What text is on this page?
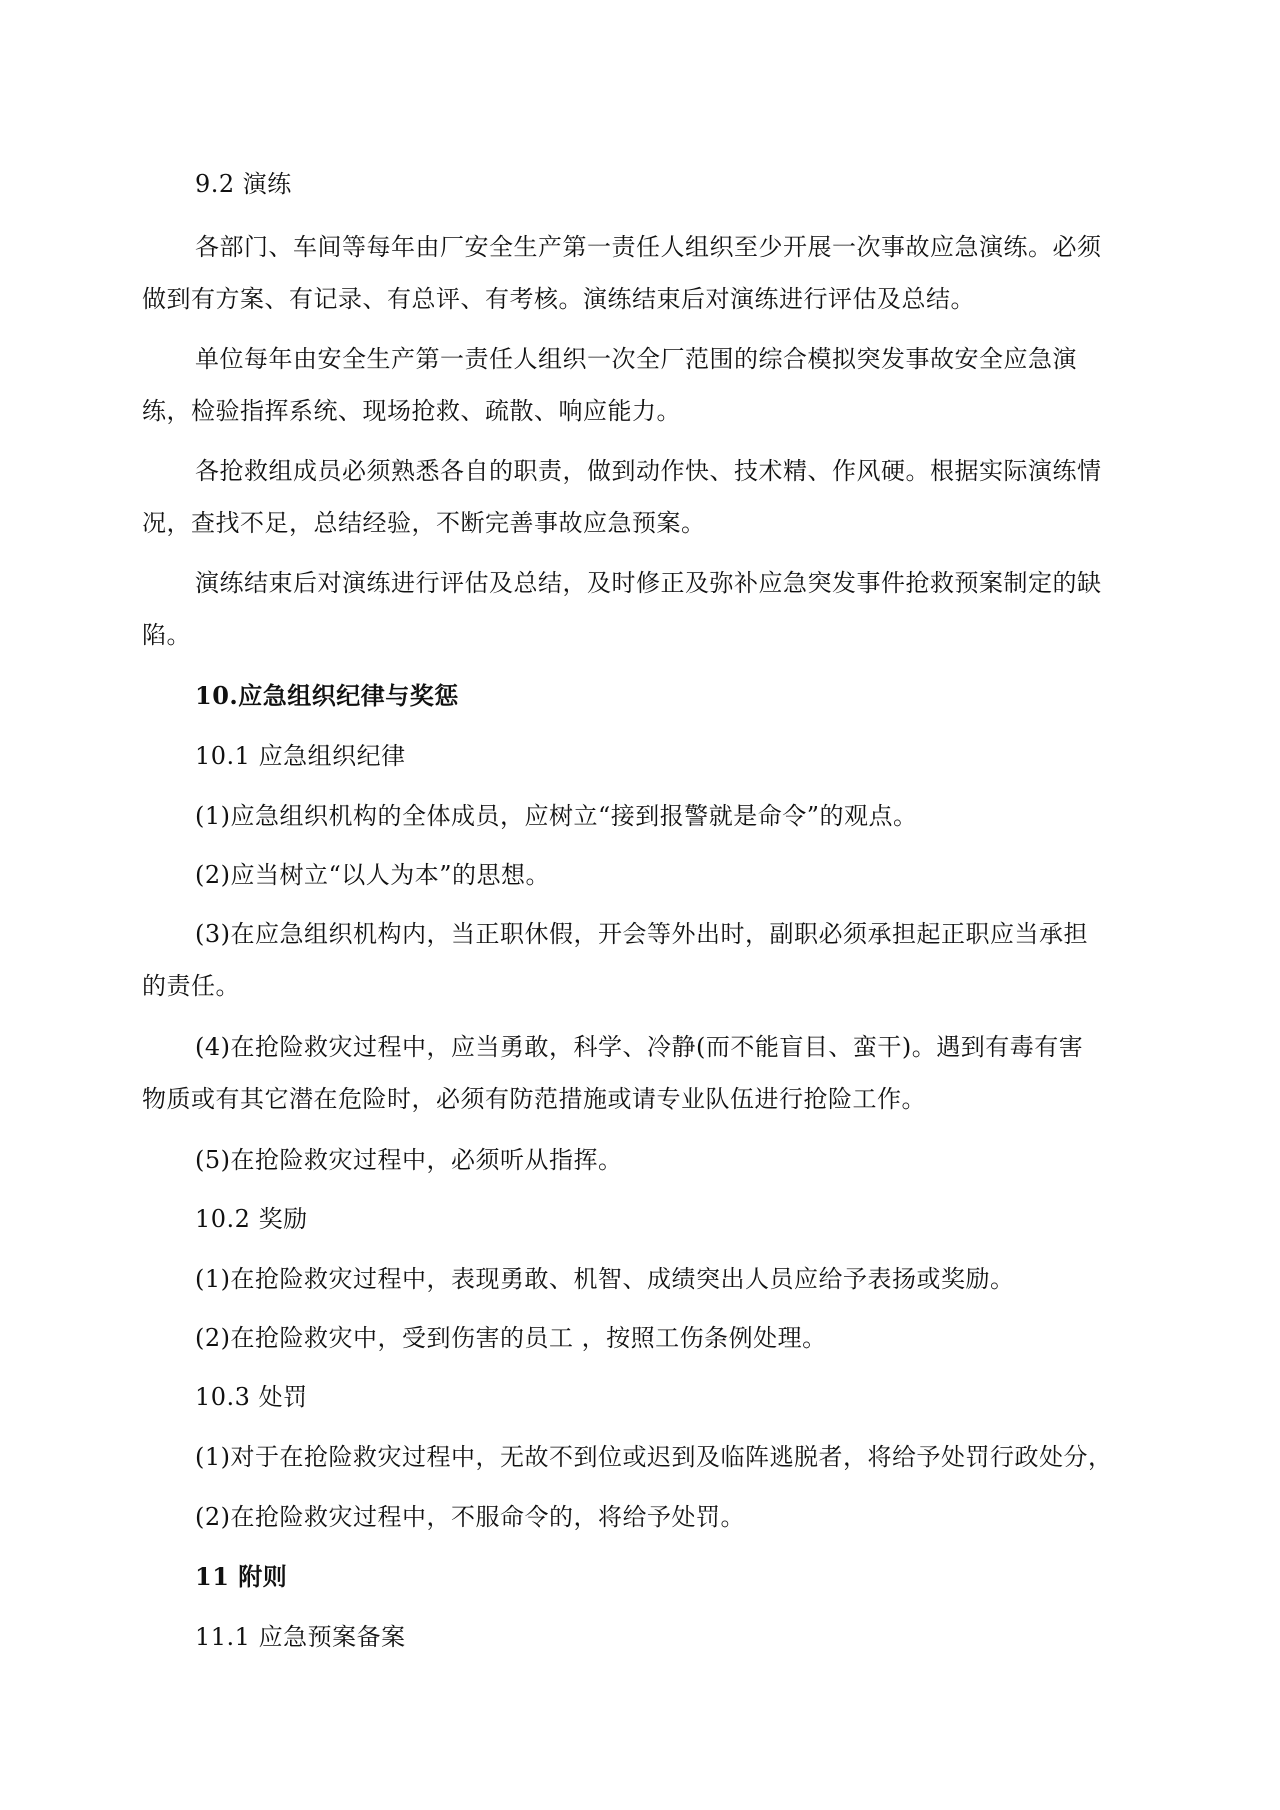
9.2 演练
各部门、车间等每年由厂安全生产第一责任人组织至少开展一次事故应急演练。必须
做到有方案、有记录、有总评、有考核。演练结束后对演练进行评估及总结。
单位每年由安全生产第一责任人组织一次全厂范围的综合模拟突发事故安全应急演
练，检验指挥系统、现场抢救、疏散、响应能力。
各抢救组成员必须熟悉各自的职责，做到动作快、技术精、作风硬。根据实际演练情
况，查找不足，总结经验，不断完善事故应急预案。
演练结束后对演练进行评估及总结，及时修正及弥补应急突发事件抢救预案制定的缺
陷。
10.应急组织纪律与奖惩
10.1 应急组织纪律
(1)应急组织机构的全体成员，应树立“接到报警就是命令”的观点。
(2)应当树立“以人为本”的思想。
(3)在应急组织机构内，当正职休假，开会等外出时，副职必须承担起正职应当承担
的责任。
(4)在抢险救灾过程中，应当勇敢，科学、冷静(而不能盲目、蛮干)。遇到有毒有害
物质或有其它潜在危险时，必须有防范措施或请专业队伍进行抢险工作。
(5)在抢险救灾过程中，必须听从指挥。
10.2 奖励
(1)在抢险救灾过程中，表现勇敢、机智、成绩突出人员应给予表扬或奖励。
(2)在抢险救灾中，受到伤害的员工 ，按照工伤条例处理。
10.3 处罚
(1)对于在抢险救灾过程中，无故不到位或迟到及临阵逃脱者，将给予处罚行政处分，
(2)在抢险救灾过程中，不服命令的，将给予处罚。
11 附则
11.1 应急预案备案
